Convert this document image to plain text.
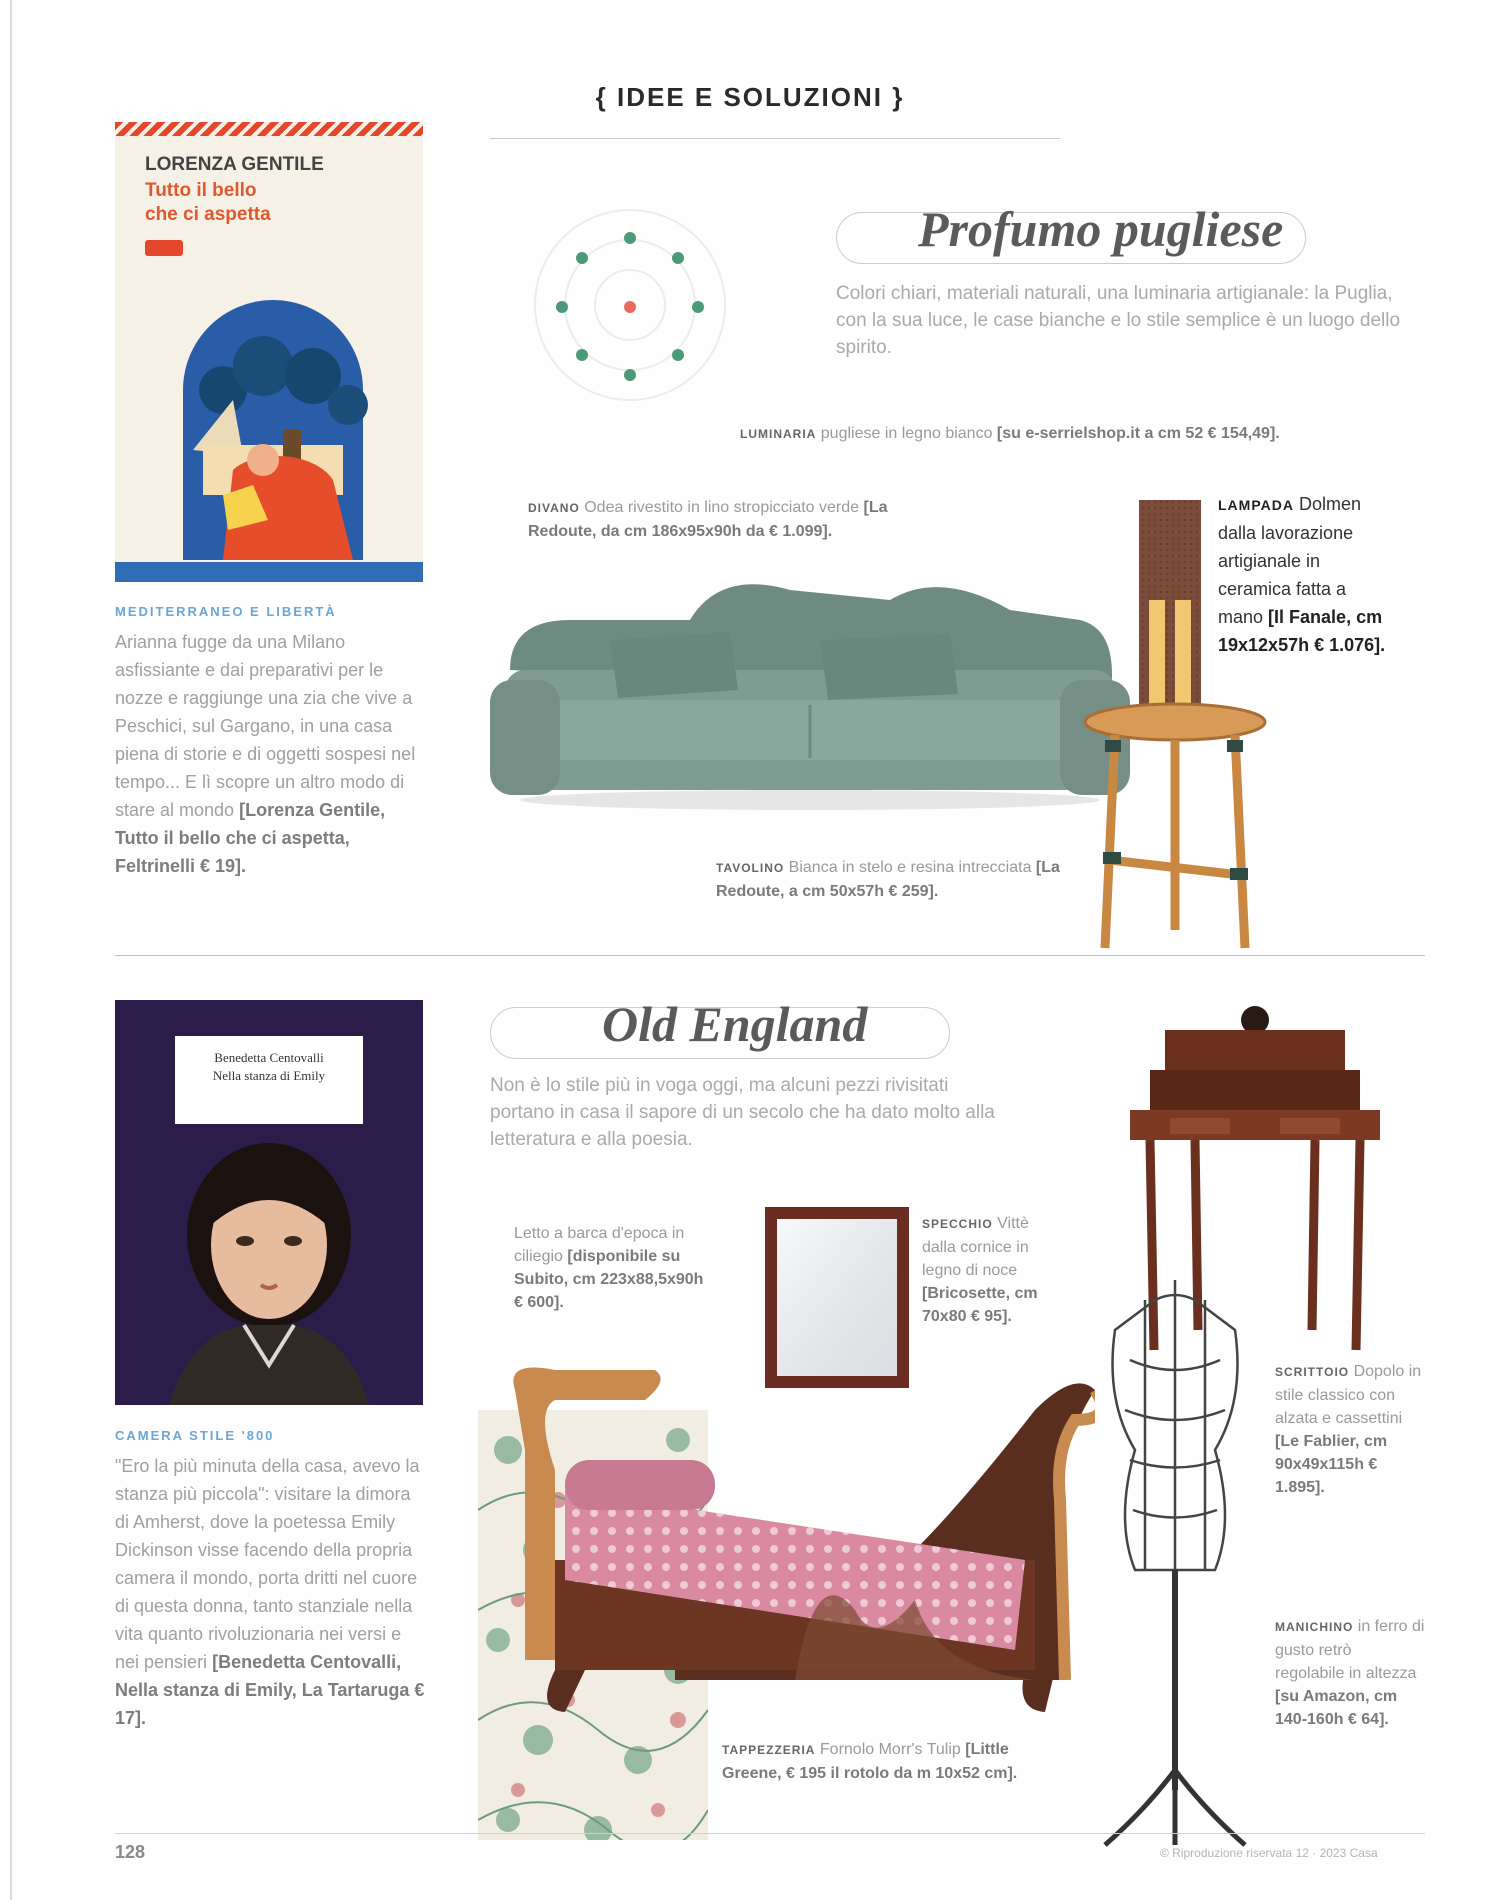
{ IDEE E SOLUZIONI }
LORENZA GENTILE
Tutto il bello
che ci aspetta
MEDITERRANEO E LIBERTÀ
Arianna fugge da una Milano asfissiante e dai preparativi per le nozze e raggiunge una zia che vive a Peschici, sul Gargano, in una casa piena di storie e di oggetti sospesi nel tempo... E lì scopre un altro modo di stare al mondo [Lorenza Gentile, Tutto il bello che ci aspetta, Feltrinelli € 19].
Profumo pugliese
Colori chiari, materiali naturali, una luminaria artigianale: la Puglia, con la sua luce, le case bianche e lo stile semplice è un luogo dello spirito.
LUMINARIA pugliese in legno bianco [su e-serrielshop.it a cm 52 € 154,49].
DIVANO Odea rivestito in lino stropicciato verde [La Redoute, da cm 186x95x90h da € 1.099].
LAMPADA Dolmen dalla lavorazione artigianale in ceramica fatta a mano [Il Fanale, cm 19x12x57h € 1.076].
TAVOLINO Bianca in stelo e resina intrecciata [La Redoute, a cm 50x57h € 259].
Benedetta Centovalli
Nella stanza di Emily
CAMERA STILE '800
"Ero la più minuta della casa, avevo la stanza più piccola": visitare la dimora di Amherst, dove la poetessa Emily Dickinson visse facendo della propria camera il mondo, porta dritti nel cuore di questa donna, tanto stanziale nella vita quanto rivoluzionaria nei versi e nei pensieri [Benedetta Centovalli, Nella stanza di Emily, La Tartaruga € 17].
Old England
Non è lo stile più in voga oggi, ma alcuni pezzi rivisitati portano in casa il sapore di un secolo che ha dato molto alla letteratura e alla poesia.
Letto a barca d'epoca in ciliegio [disponibile su Subito, cm 223x88,5x90h € 600].
SPECCHIO Vittè dalla cornice in legno di noce [Bricosette, cm 70x80 € 95].
TAPPEZZERIA Fornolo Morr's Tulip [Little Greene, € 195 il rotolo da m 10x52 cm].
SCRITTOIO Dopolo in stile classico con alzata e cassettini [Le Fablier, cm 90x49x115h € 1.895].
MANICHINO in ferro di gusto retrò regolabile in altezza [su Amazon, cm 140-160h € 64].
128	© Riproduzione riservata 12 · 2023 Casa
